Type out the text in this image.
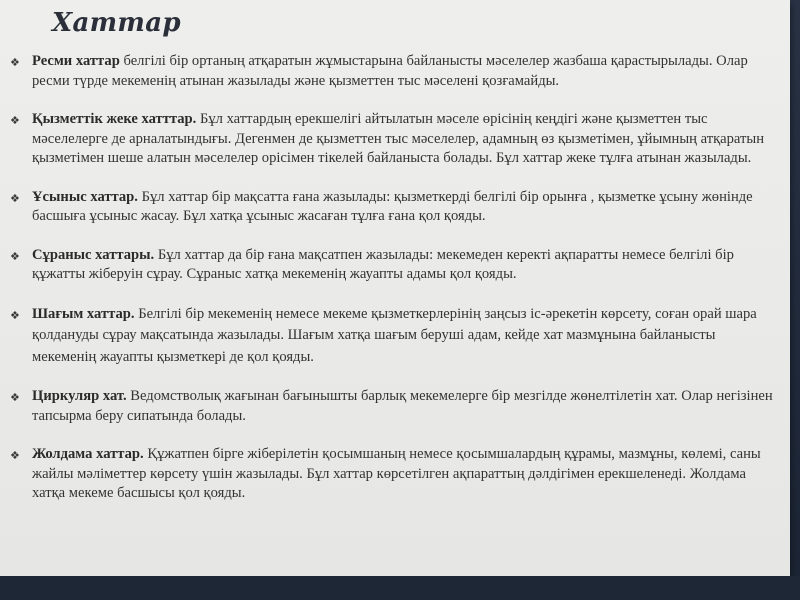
Хаттар
❖ Ресми хаттар белгілі бір ортаның атқаратын жұмыстарына байланысты мәселелер жазбаша қарастырылады. Олар ресми түрде мекеменің атынан жазылады және қызметтен тыс мәселені қозғамайды.
❖ Қызметтік жеке хатттар. Бұл хаттардың ерекшелігі айтылатын мәселе өрісінің кеңдігі және қызметтен тыс мәселелерге де арналатындығы. Дегенмен де қызметтен тыс мәселелер, адамның өз қызметімен, ұйымның атқаратын қызметімен шеше алатын мәселелер орісімен тікелей байланыста болады. Бұл хаттар жеке тұлға атынан жазылады.
❖ Ұсыныс хаттар. Бұл хаттар бір мақсатта ғана жазылады: қызметкерді белгілі бір орынға , қызметке ұсыну жөнінде басшыға ұсыныс жасау. Бұл хатқа ұсыныс жасаған тұлға ғана қол қояды.
❖ Сұраныс хаттары. Бұл хаттар да бір ғана мақсатпен жазылады: мекемеден керекті ақпаратты немесе белгілі бір құжатты жіберуін сұрау. Сұраныс хатқа мекеменің жауапты адамы қол қояды.
❖ Шағым хаттар. Белгілі бір мекеменің немесе мекеме қызметкерлерінің заңсыз іс-әрекетін көрсету, соған орай шара қолдануды сұрау мақсатында жазылады. Шағым хатқа шағым беруші адам, кейде хат мазмұнына байланысты мекеменің жауапты қызметкері де қол қояды.
❖ Циркуляр хат. Ведомстволық жағынан бағынышты барлық мекемелерге бір мезгілде жөнелтілетін хат. Олар негізінен тапсырма беру сипатында болады.
❖ Жолдама хаттар. Құжатпен бірге жіберілетін қосымшаның немесе қосымшалардың құрамы, мазмұны, көлемі, саны жайлы мәліметтер көрсету үшін жазылады. Бұл хаттар көрсетілген ақпараттың дәлдігімен ерекшеленеді. Жолдама хатқа мекеме басшысы қол қояды.
